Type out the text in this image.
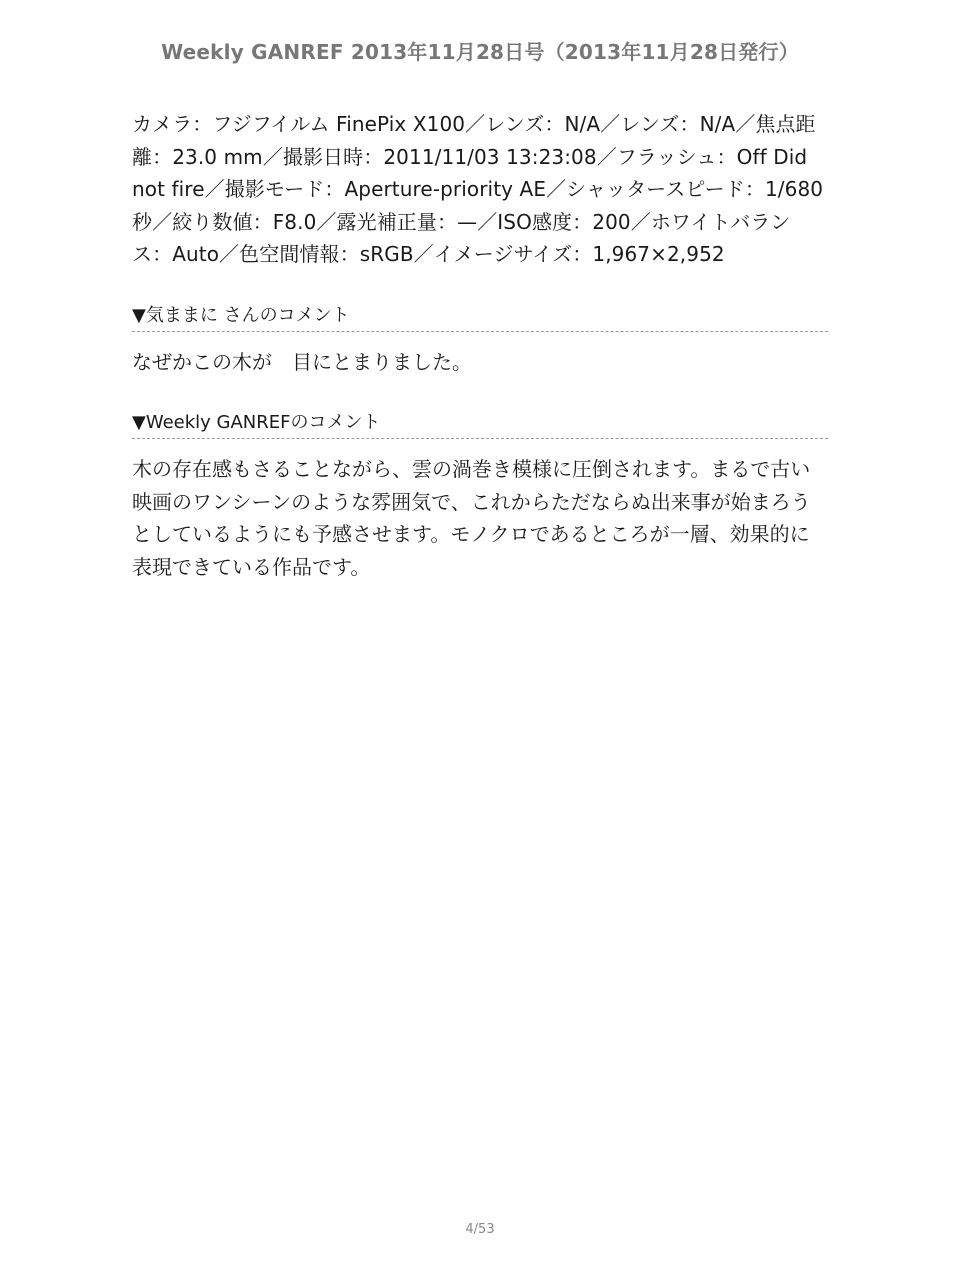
Weekly GANREF 2013年11月28日号（2013年11月28日発行）

カメラ：フジフイルム FinePix X100／レンズ：N/A／レンズ：N/A／焦点距離：23.0 mm／撮影日時：2011/11/03 13:23:08／フラッシュ：Off Did not fire／撮影モード：Aperture-priority AE／シャッタースピード：1/680秒／絞り数値：F8.0／露光補正量：—／ISO感度：200／ホワイトバランス：Auto／色空間情報：sRGB／イメージサイズ：1,967×2,952

▼気ままに さんのコメント
なぜかこの木が　目にとまりました。
▼Weekly GANREFのコメント
木の存在感もさることながら、雲の渦巻き模様に圧倒されます。まるで古い映画のワンシーンのような雰囲気で、これからただならぬ出来事が始まろうとしているようにも予感させます。モノクロであるところが一層、効果的に表現できている作品です。
4/53
